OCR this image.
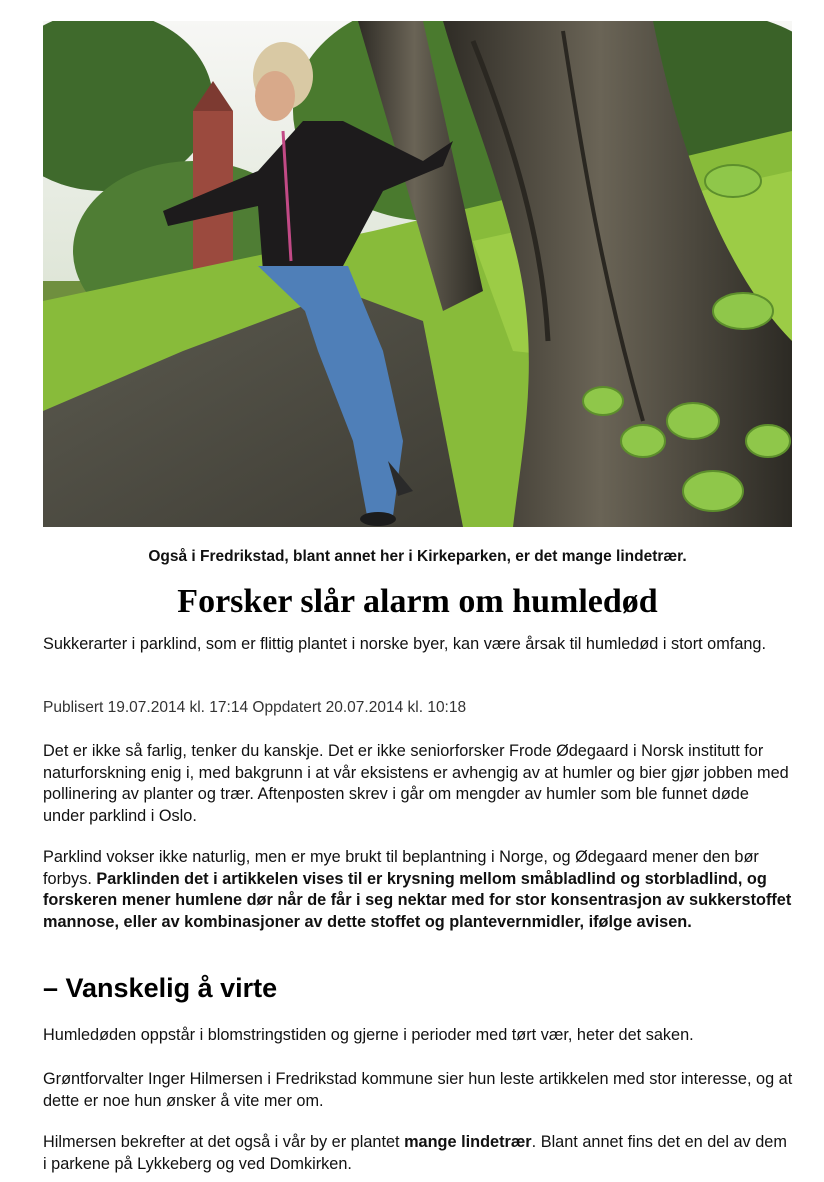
Også i Fredrikstad, blant annet her i Kirkeparken, er det mange lindetrær.
Forsker slår alarm om humledød

Sukkerarter i parklind, som er flittig plantet i norske byer, kan være årsak til humledød i stort omfang.

Publisert 19.07.2014 kl. 17:14 Oppdatert 20.07.2014 kl. 10:18

Det er ikke så farlig, tenker du kanskje. Det er ikke seniorforsker Frode Ødegaard i Norsk institutt for naturforskning enig i, med bakgrunn i at vår eksistens er avhengig av at humler og bier gjør jobben med pollinering av planter og trær. Aftenposten skrev i går om mengder av humler som ble funnet døde under parklind i Oslo.

Parklind vokser ikke naturlig, men er mye brukt til beplantning i Norge, og Ødegaard mener den bør forbys. Parklinden det i artikkelen vises til er krysning mellom småbladlind og storbladlind, og forskeren mener humlene dør når de får i seg nektar med for stor konsentrasjon av sukkerstoffet mannose, eller av kombinasjoner av dette stoffet og plantevernmidler, ifølge avisen.

– Vanskelig å virte

Humledøden oppstår i blomstringstiden og gjerne i perioder med tørt vær, heter det saken.

Grøntforvalter Inger Hilmersen i Fredrikstad kommune sier hun leste artikkelen med stor interesse, og at dette er noe hun ønsker å vite mer om.

Hilmersen bekrefter at det også i vår by er plantet mange lindetrær. Blant annet fins det en del av dem i parkene på Lykkeberg og ved Domkirken.
